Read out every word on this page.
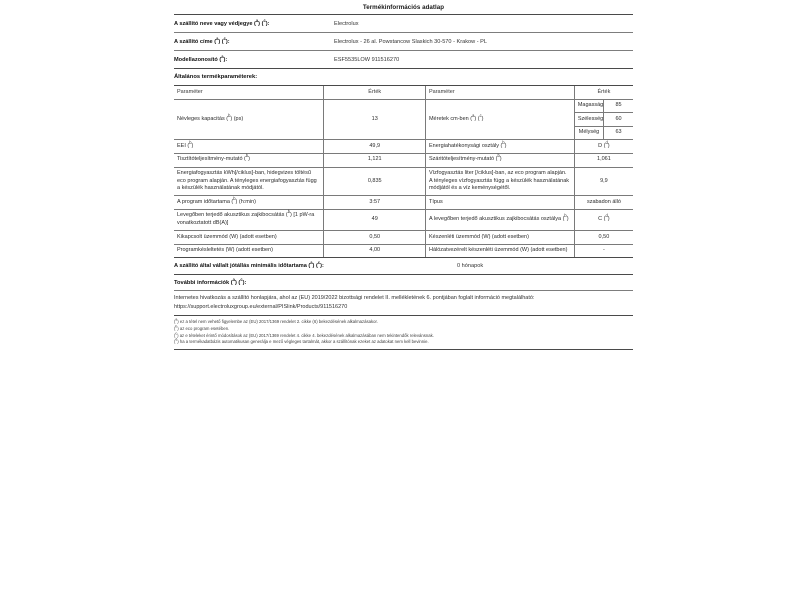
Termékinformációs adatlap
A szállító neve vagy védjegye ($^a$) ($^c$):	Electrolux
A szállító címe ($^a$) ($^c$):	Electrolux - 26 al. Powstancow Slaskich 30-570 - Krakow - PL
Modellazonosító ($^a$):	ESF5535LOW 911516270
Általános termékparaméterek:
Paraméter	Érték	Paraméter	Érték	
Névleges kapacitás ($^b$) (ps)	13	Méretek cm-ben ($^a$) ($^c$)	Magasság	85
			Szélesség	60
			Mélység	63
EEI ($^b$)	49,9	Energiahatékonysági osztály ($^b$)	D ($^d$)	
Tisztítóteljesítmény-mutató ($^b$)	1,121	Száritóteljesítmény-mutató ($^b$)	1,061	
Energiafogyasztás kWh[/ciklus]-ban, hidegvizes töltésű eco program alapján. A tényleges energiafogyasztás függ a készülék használatának módjától.	0,835	Vízfogyasztás liter [/ciklus]-ban, az eco program alapján. A tényleges vízfogyasztás függ a készülék használatának módjától és a víz keménységétől.	9,9	
A program időtartama ($^b$) (h:min)	3:57	Típus	szabadon álló	
Levegőben terjedő akusztikus zajkibocsátás ($^b$) [1 pW-ra vonatkoztatott dB(A)]	49	A levegőben terjedő akusztikus zajkibocsátás osztálya ($^b$)	C ($^d$)	
Kikapcsolt üzemmód (W) (adott esetben)	0,50	Készenléti üzemmód (W) (adott esetben)	0,50	
Programkésleltetés (W) (adott esetben)	4,00	Hálózatvezérelt készenléti üzemmód (W) (adott esetben)	-	
A szállító által vállalt jótállás minimális időtartama ($^a$) ($^c$):	0 hónapok
További információk ($^a$) ($^c$):
Internetes hivatkozás a szállító honlapjára, ahol az (EU) 2019/2022 bizottsági rendelet II. mellékletének 6. pontjában foglalt információ megtalálható: https://support.electroluxgroup.eu/external/PISlink/Products/911516270
($^a$) ez a tétel nem vehető figyelembe az (EU) 2017/1369 rendelet 2. cikke (6) bekezdésének alkalmazásakor.
($^b$) az eco program esetében.
($^c$) az e tételeket érintő módosítások az (EU) 2017/1369 rendelet 4. cikke 4. bekezdésének alkalmazásában nem tekintendők relevánsnak.
($^d$) ha a termékadatbázis automatikusan generálja e mező végleges tartalmát, akkor a szállítónak ezeket az adatokat nem kell bevinnie.
